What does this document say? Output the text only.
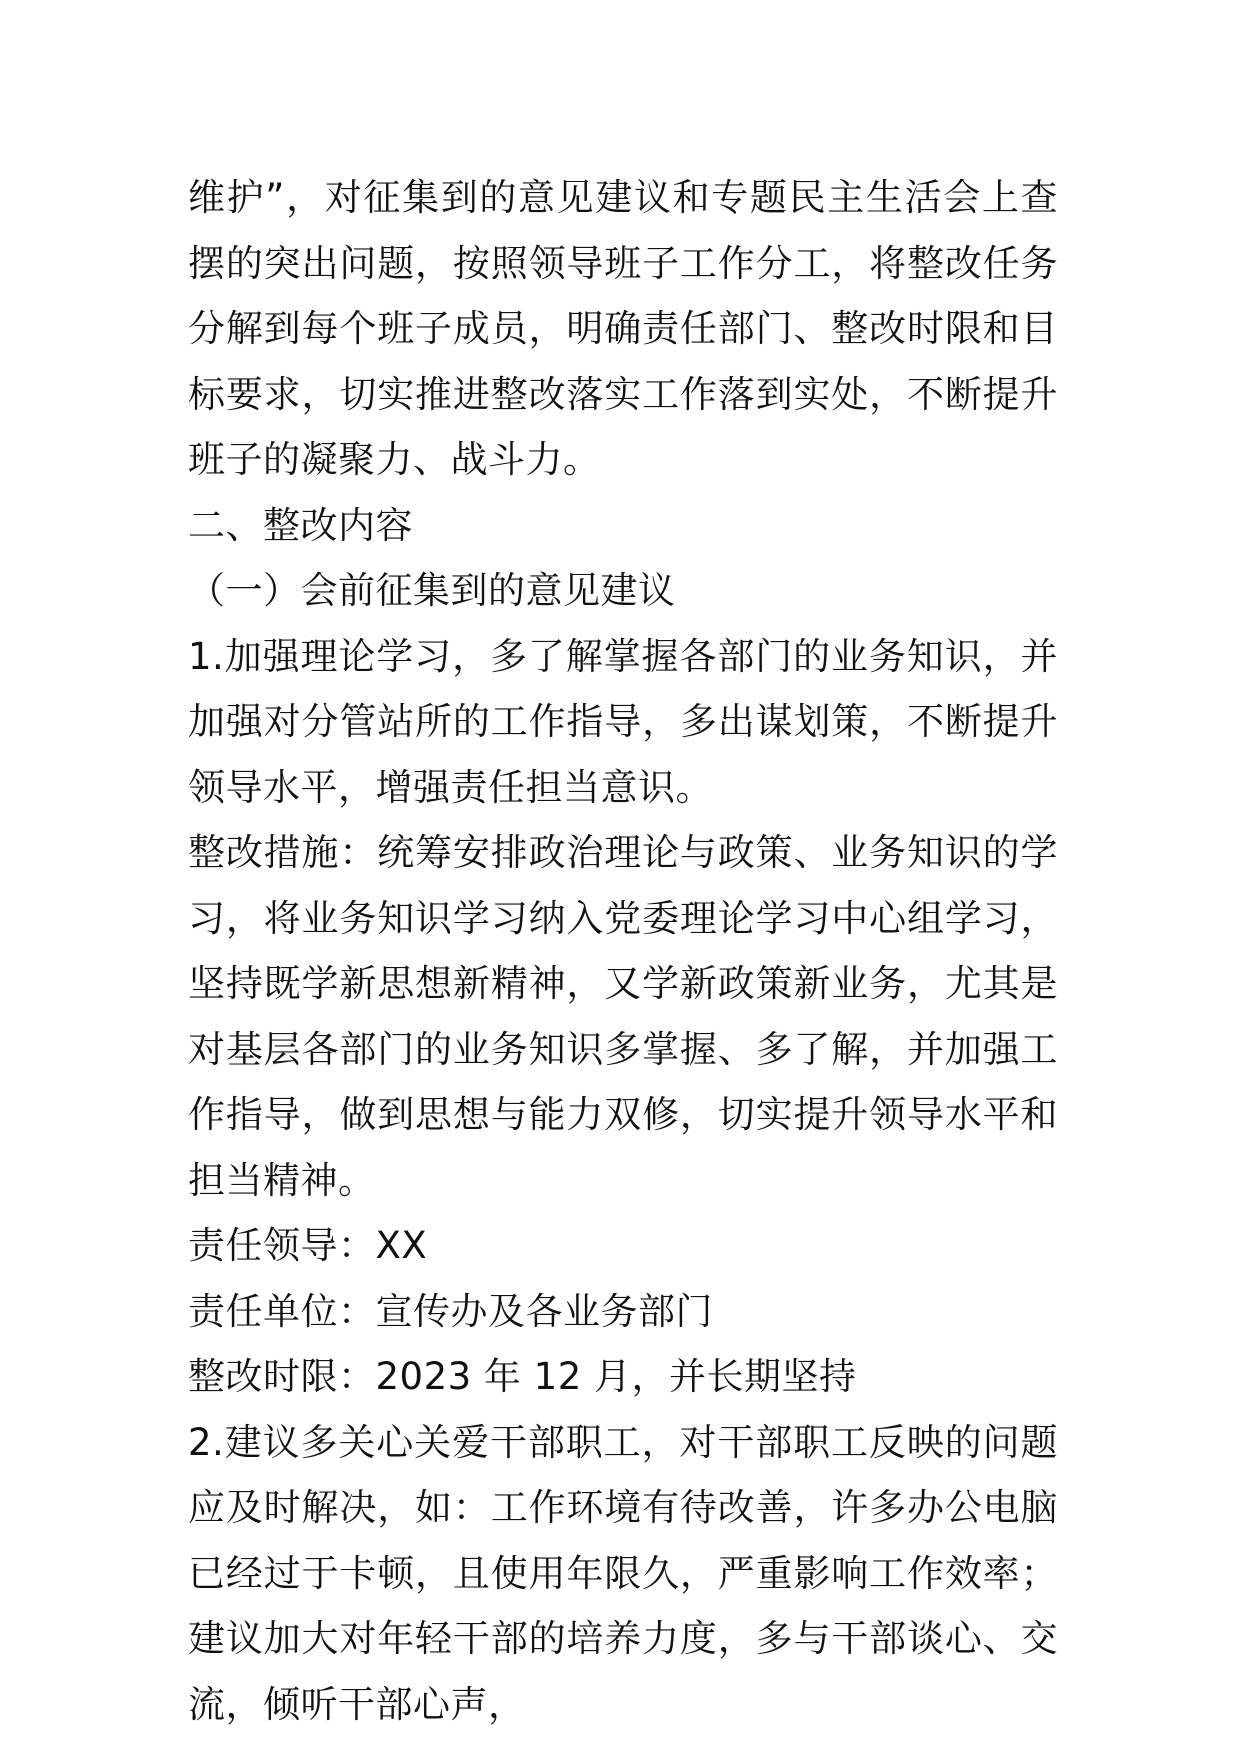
维护”，对征集到的意见建议和专题民主生活会上查摆的突出问题，按照领导班子工作分工，将整改任务分解到每个班子成员，明确责任部门、整改时限和目标要求，切实推进整改落实工作落到实处，不断提升班子的凝聚力、战斗力。

二、整改内容

（一）会前征集到的意见建议

1.加强理论学习，多了解掌握各部门的业务知识，并加强对分管站所的工作指导，多出谋划策，不断提升领导水平，增强责任担当意识。

整改措施：统筹安排政治理论与政策、业务知识的学习，将业务知识学习纳入党委理论学习中心组学习，坚持既学新思想新精神，又学新政策新业务，尤其是对基层各部门的业务知识多掌握、多了解，并加强工作指导，做到思想与能力双修，切实提升领导水平和担当精神。

责任领导：XX

责任单位：宣传办及各业务部门

整改时限：2023 年 12 月，并长期坚持

2.建议多关心关爱干部职工，对干部职工反映的问题应及时解决，如：工作环境有待改善，许多办公电脑已经过于卡顿，且使用年限久，严重影响工作效率；建议加大对年轻干部的培养力度，多与干部谈心、交流，倾听干部心声，
